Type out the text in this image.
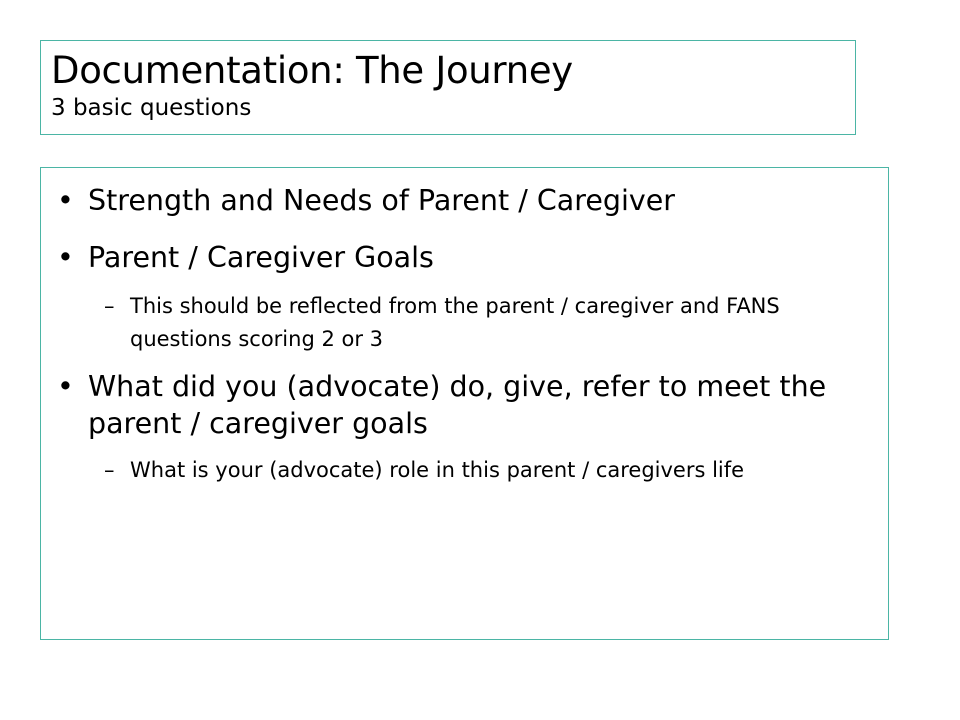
Documentation: The Journey
3 basic questions
• Strength and Needs of Parent / Caregiver
• Parent / Caregiver Goals
– This should be reflected from the parent / caregiver and FANS questions scoring 2 or 3
• What did you (advocate) do, give, refer to meet the parent / caregiver goals
– What is your (advocate) role in this parent / caregivers life
